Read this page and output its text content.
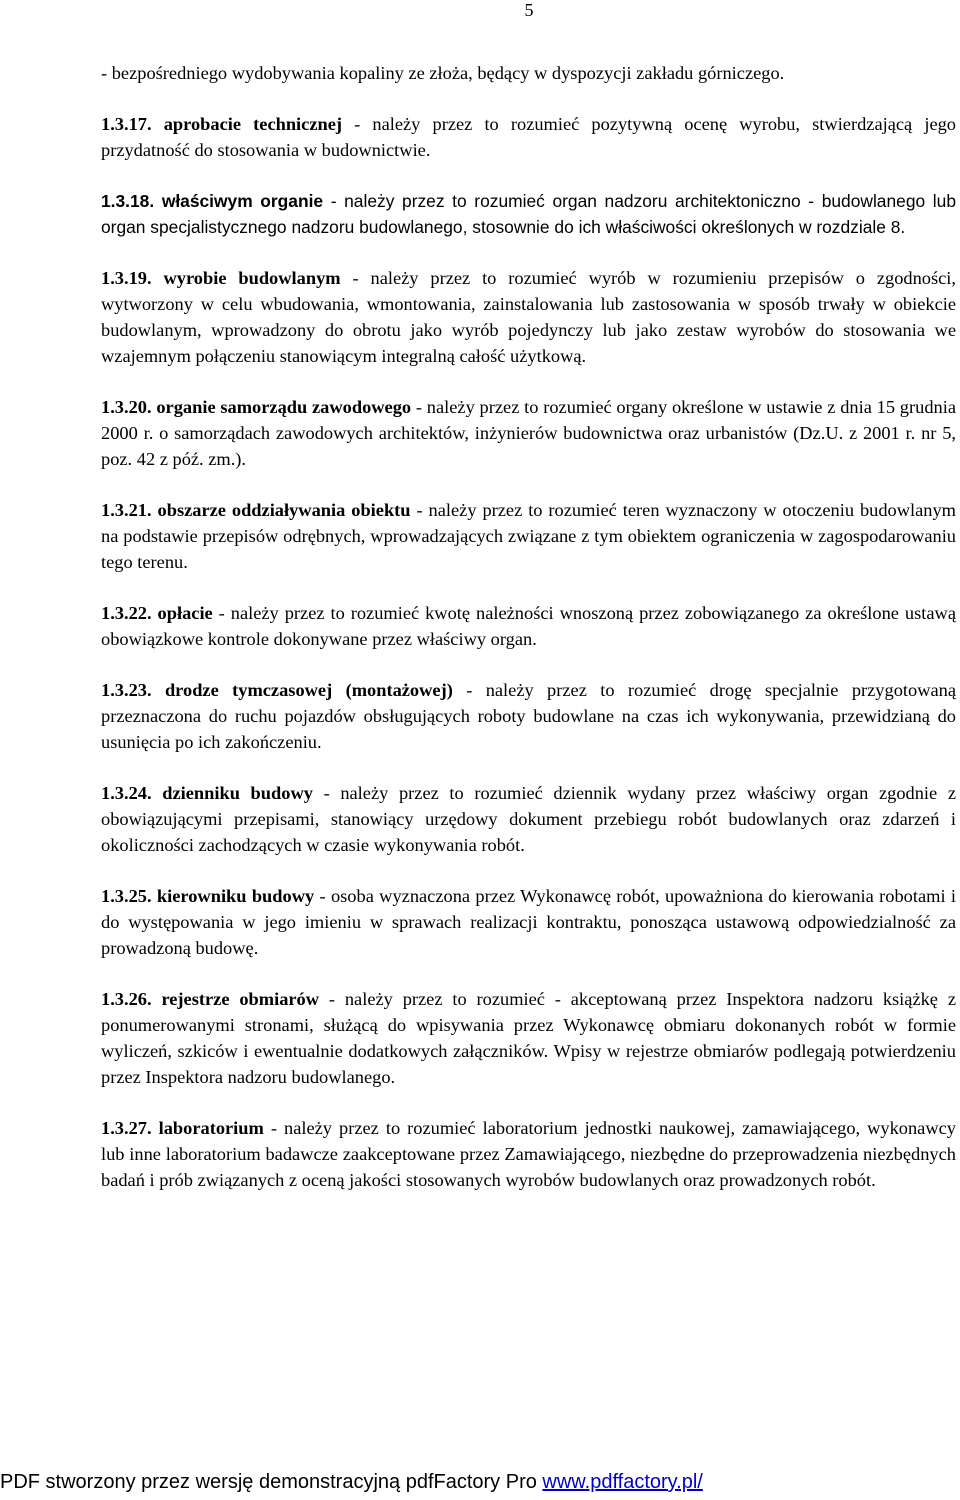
5

- bezpośredniego wydobywania kopaliny ze złoża, będący w dyspozycji zakładu górniczego.

1.3.17. aprobacie technicznej - należy przez to rozumieć pozytywną ocenę wyrobu, stwierdzającą jego przydatność do stosowania w budownictwie.

1.3.18. właściwym organie - należy przez to rozumieć organ nadzoru architektoniczno - budowlanego lub organ specjalistycznego nadzoru budowlanego, stosownie do ich właściwości określonych w rozdziale 8.

1.3.19. wyrobie budowlanym - należy przez to rozumieć wyrób w rozumieniu przepisów o zgodności, wytworzony w celu wbudowania, wmontowania, zainstalowania lub zastosowania w sposób trwały w obiekcie budowlanym, wprowadzony do obrotu jako wyrób pojedynczy lub jako zestaw wyrobów do stosowania we wzajemnym połączeniu stanowiącym integralną całość użytkową.

1.3.20. organie samorządu zawodowego - należy przez to rozumieć organy określone w ustawie z dnia 15 grudnia 2000 r. o samorządach zawodowych architektów, inżynierów budownictwa oraz urbanistów (Dz.U. z 2001 r. nr 5, poz. 42 z póź. zm.).

1.3.21. obszarze oddziaływania obiektu - należy przez to rozumieć teren wyznaczony w otoczeniu budowlanym na podstawie przepisów odrębnych, wprowadzających związane z tym obiektem ograniczenia w zagospodarowaniu tego terenu.

1.3.22. opłacie - należy przez to rozumieć kwotę należności wnoszoną przez zobowiązanego za określone ustawą obowiązkowe kontrole dokonywane przez właściwy organ.

1.3.23. drodze tymczasowej (montażowej) - należy przez to rozumieć drogę specjalnie przygotowaną przeznaczona do ruchu pojazdów obsługujących roboty budowlane na czas ich wykonywania, przewidzianą do usunięcia po ich zakończeniu.

1.3.24. dzienniku budowy - należy przez to rozumieć dziennik wydany przez właściwy organ zgodnie z obowiązującymi przepisami, stanowiący urzędowy dokument przebiegu robót budowlanych oraz zdarzeń i okoliczności zachodzących w czasie wykonywania robót.

1.3.25. kierowniku budowy - osoba wyznaczona przez Wykonawcę robót, upoważniona do kierowania robotami i do występowania w jego imieniu w sprawach realizacji kontraktu, ponosząca ustawową odpowiedzialność za prowadzoną budowę.

1.3.26. rejestrze obmiarów - należy przez to rozumieć - akceptowaną przez Inspektora nadzoru książkę z ponumerowanymi stronami, służącą do wpisywania przez Wykonawcę obmiaru dokonanych robót w formie wyliczeń, szkiców i ewentualnie dodatkowych załączników. Wpisy w rejestrze obmiarów podlegają potwierdzeniu przez Inspektora nadzoru budowlanego.

1.3.27. laboratorium - należy przez to rozumieć laboratorium jednostki naukowej, zamawiającego, wykonawcy lub inne laboratorium badawcze zaakceptowane przez Zamawiającego, niezbędne do przeprowadzenia niezbędnych badań i prób związanych z oceną jakości stosowanych wyrobów budowlanych oraz prowadzonych robót.

PDF stworzony przez wersję demonstracyjną pdfFactory Pro www.pdffactory.pl/
